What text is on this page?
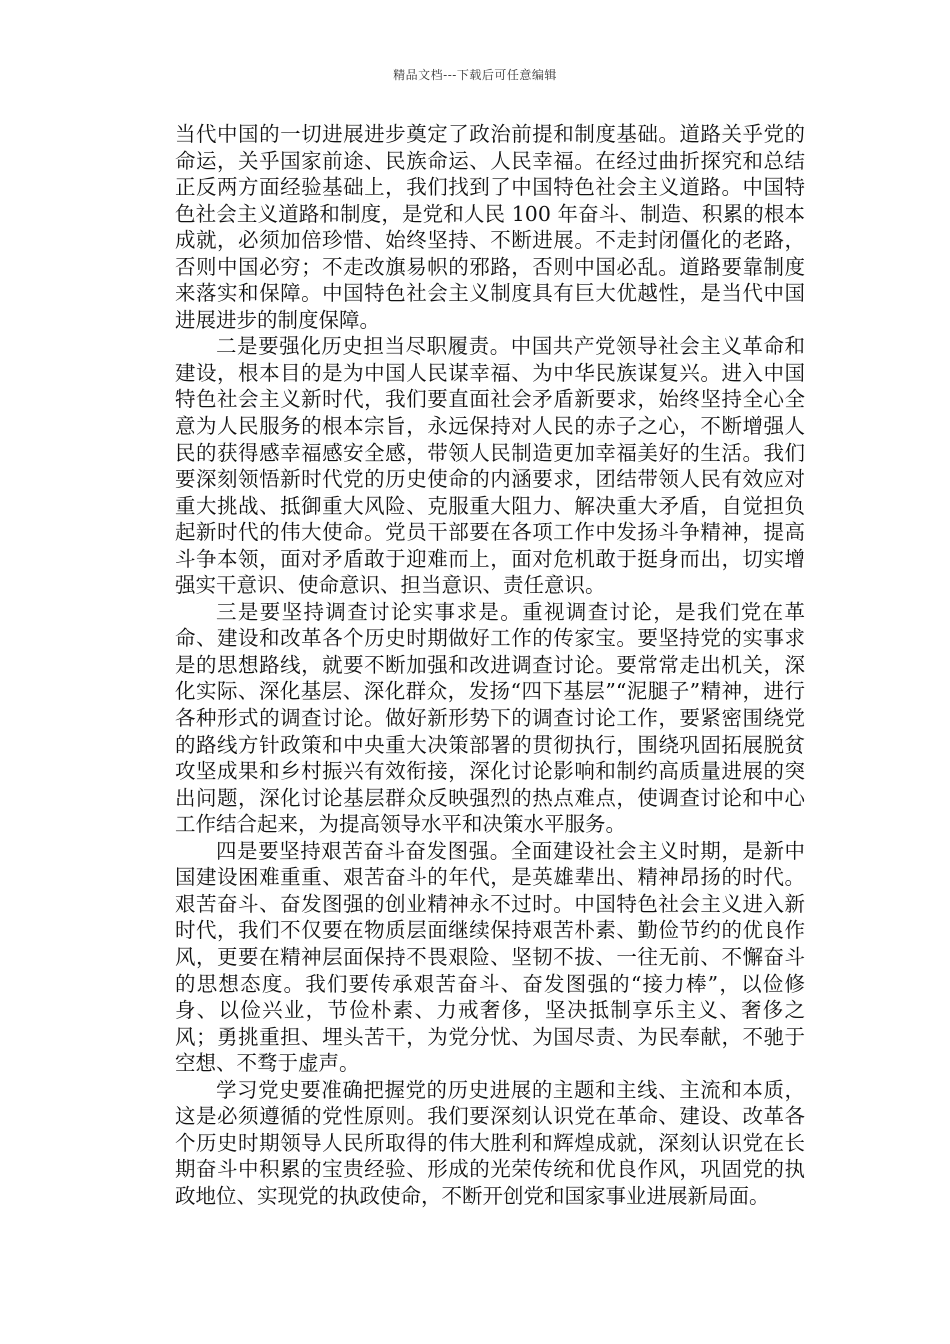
精品文档---下载后可任意编辑

当代中国的一切进展进步奠定了政治前提和制度基础。道路关乎党的命运，关乎国家前途、民族命运、人民幸福。在经过曲折探究和总结正反两方面经验基础上，我们找到了中国特色社会主义道路。中国特色社会主义道路和制度，是党和人民 100 年奋斗、制造、积累的根本成就，必须加倍珍惜、始终坚持、不断进展。不走封闭僵化的老路，否则中国必穷；不走改旗易帜的邪路，否则中国必乱。道路要靠制度来落实和保障。中国特色社会主义制度具有巨大优越性，是当代中国进展进步的制度保障。

二是要强化历史担当尽职履责。中国共产党领导社会主义革命和建设，根本目的是为中国人民谋幸福、为中华民族谋复兴。进入中国特色社会主义新时代，我们要直面社会矛盾新要求，始终坚持全心全意为人民服务的根本宗旨，永远保持对人民的赤子之心，不断增强人民的获得感幸福感安全感，带领人民制造更加幸福美好的生活。我们要深刻领悟新时代党的历史使命的内涵要求，团结带领人民有效应对重大挑战、抵御重大风险、克服重大阻力、解决重大矛盾，自觉担负起新时代的伟大使命。党员干部要在各项工作中发扬斗争精神，提高斗争本领，面对矛盾敢于迎难而上，面对危机敢于挺身而出，切实增强实干意识、使命意识、担当意识、责任意识。

三是要坚持调查讨论实事求是。重视调查讨论，是我们党在革命、建设和改革各个历史时期做好工作的传家宝。要坚持党的实事求是的思想路线，就要不断加强和改进调查讨论。要常常走出机关，深化实际、深化基层、深化群众，发扬“四下基层”“泥腿子”精神，进行各种形式的调查讨论。做好新形势下的调查讨论工作，要紧密围绕党的路线方针政策和中央重大决策部署的贯彻执行，围绕巩固拓展脱贫攻坚成果和乡村振兴有效衔接，深化讨论影响和制约高质量进展的突出问题，深化讨论基层群众反映强烈的热点难点，使调查讨论和中心工作结合起来，为提高领导水平和决策水平服务。

四是要坚持艰苦奋斗奋发图强。全面建设社会主义时期，是新中国建设困难重重、艰苦奋斗的年代，是英雄辈出、精神昂扬的时代。艰苦奋斗、奋发图强的创业精神永不过时。中国特色社会主义进入新时代，我们不仅要在物质层面继续保持艰苦朴素、勤俭节约的优良作风，更要在精神层面保持不畏艰险、坚韧不拔、一往无前、不懈奋斗的思想态度。我们要传承艰苦奋斗、奋发图强的“接力棒”，以俭修身、以俭兴业，节俭朴素、力戒奢侈，坚决抵制享乐主义、奢侈之风；勇挑重担、埋头苦干，为党分忧、为国尽责、为民奉献，不驰于空想、不骛于虚声。

学习党史要准确把握党的历史进展的主题和主线、主流和本质，这是必须遵循的党性原则。我们要深刻认识党在革命、建设、改革各个历史时期领导人民所取得的伟大胜利和辉煌成就，深刻认识党在长期奋斗中积累的宝贵经验、形成的光荣传统和优良作风，巩固党的执政地位、实现党的执政使命，不断开创党和国家事业进展新局面。
